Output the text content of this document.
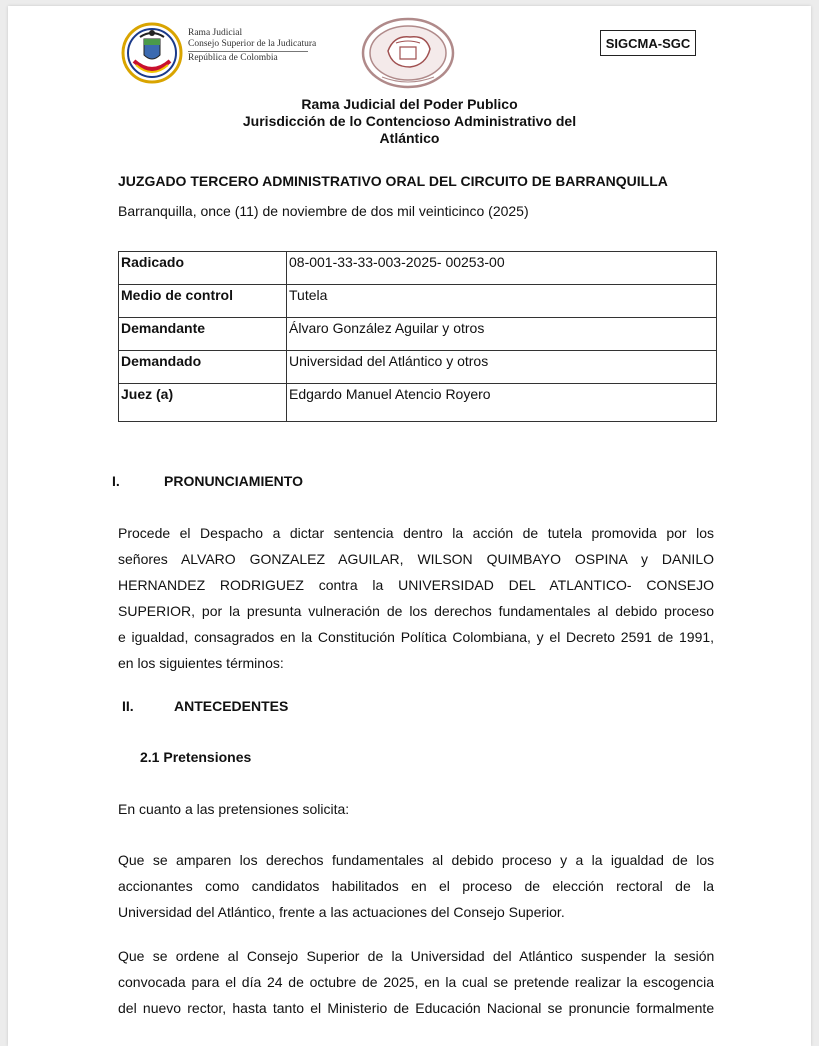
Rama Judicial
Consejo Superior de la Judicatura
República de Colombia
SIGCMA-SGC
Rama Judicial del Poder Publico
Jurisdicción de lo Contencioso Administrativo del
Atlántico
JUZGADO TERCERO ADMINISTRATIVO ORAL DEL CIRCUITO DE BARRANQUILLA
Barranquilla, once (11) de noviembre de dos mil veinticinco (2025)
Radicado	08-001-33-33-003-2025- 00253-00
Medio de control	Tutela
Demandante	Álvaro González Aguilar y otros
Demandado	Universidad del Atlántico y otros
Juez (a)	Edgardo Manuel Atencio Royero
I.	PRONUNCIAMIENTO
Procede el Despacho a dictar sentencia dentro la acción de tutela promovida por los
señores ALVARO GONZALEZ AGUILAR, WILSON QUIMBAYO OSPINA y DANILO
HERNANDEZ RODRIGUEZ contra la UNIVERSIDAD DEL ATLANTICO- CONSEJO
SUPERIOR, por la presunta vulneración de los derechos fundamentales al debido proceso
e igualdad, consagrados en la Constitución Política Colombiana, y el Decreto 2591 de 1991,
en los siguientes términos:
II.	ANTECEDENTES
2.1 Pretensiones
En cuanto a las pretensiones solicita:
Que se amparen los derechos fundamentales al debido proceso y a la igualdad de los
accionantes como candidatos habilitados en el proceso de elección rectoral de la
Universidad del Atlántico, frente a las actuaciones del Consejo Superior.
Que se ordene al Consejo Superior de la Universidad del Atlántico suspender la sesión
convocada para el día 24 de octubre de 2025, en la cual se pretende realizar la escogencia
del nuevo rector, hasta tanto el Ministerio de Educación Nacional se pronuncie formalmente
